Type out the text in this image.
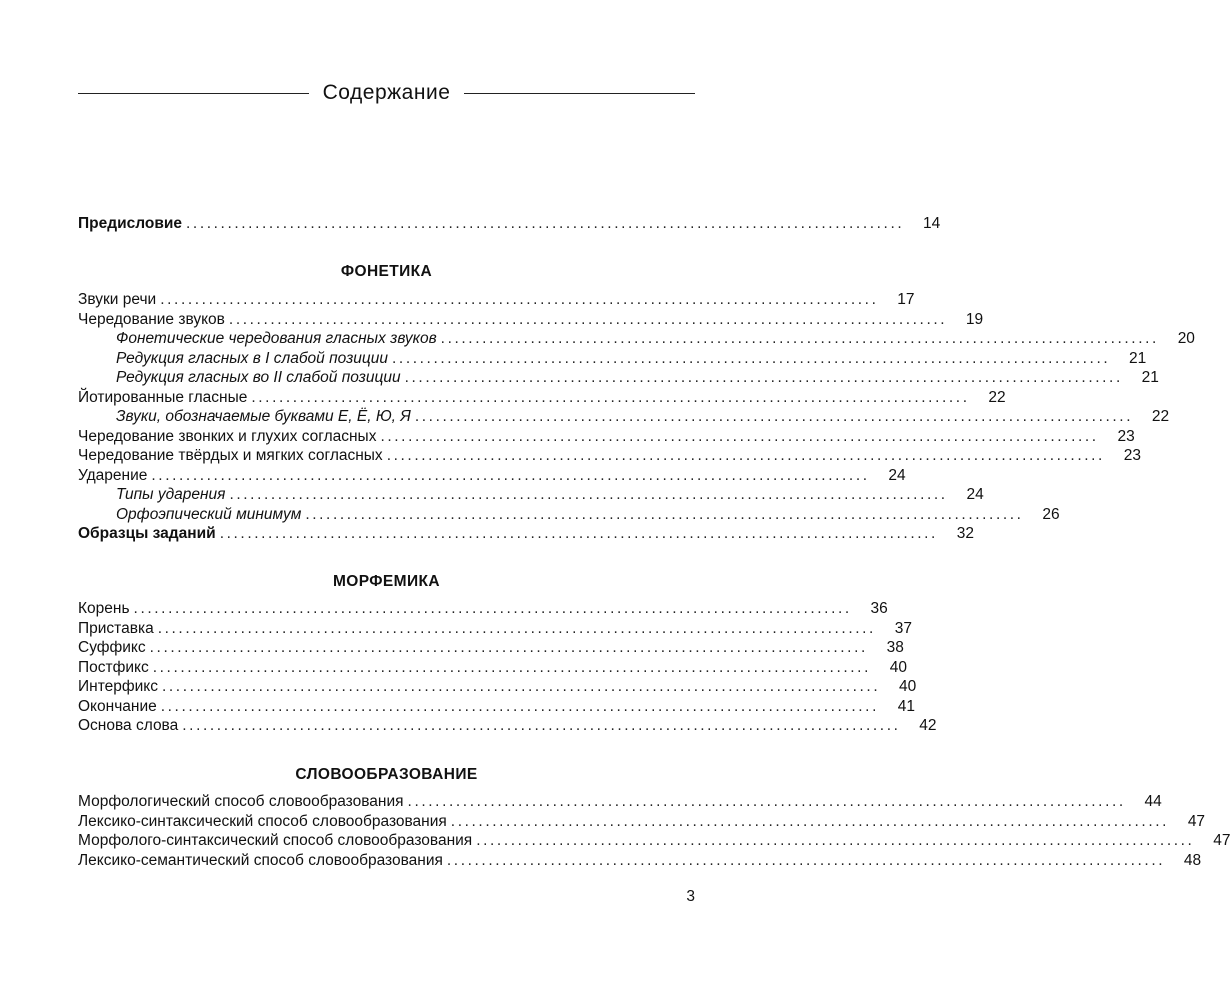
Содержание
Предисловие ........................................................................................................	14
ФОНЕТИКА
Звуки речи ........................................................................................................	17
Чередование звуков ........................................................................................................	19
Фонетические чередования гласных звуков ........................................................................................................	20
Редукция гласных в I слабой позиции ........................................................................................................	21
Редукция гласных во II слабой позиции ........................................................................................................	21
Йотированные гласные ........................................................................................................	22
Звуки, обозначаемые буквами Е, Ё, Ю, Я ........................................................................................................	22
Чередование звонких и глухих согласных ........................................................................................................	23
Чередование твёрдых и мягких согласных ........................................................................................................	23
Ударение ........................................................................................................	24
Типы ударения ........................................................................................................	24
Орфоэпический минимум ........................................................................................................	26
Образцы заданий ........................................................................................................	32
МОРФЕМИКА
Корень ........................................................................................................	36
Приставка ........................................................................................................	37
Суффикс ........................................................................................................	38
Постфикс ........................................................................................................	40
Интерфикс ........................................................................................................	40
Окончание ........................................................................................................	41
Основа слова ........................................................................................................	42
СЛОВООБРАЗОВАНИЕ
Морфологический способ словообразования ........................................................................................................	44
Лексико-синтаксический способ словообразования ........................................................................................................	47
Морфолого-синтаксический способ словообразования ........................................................................................................	47
Лексико-семантический способ словообразования ........................................................................................................	48
3
